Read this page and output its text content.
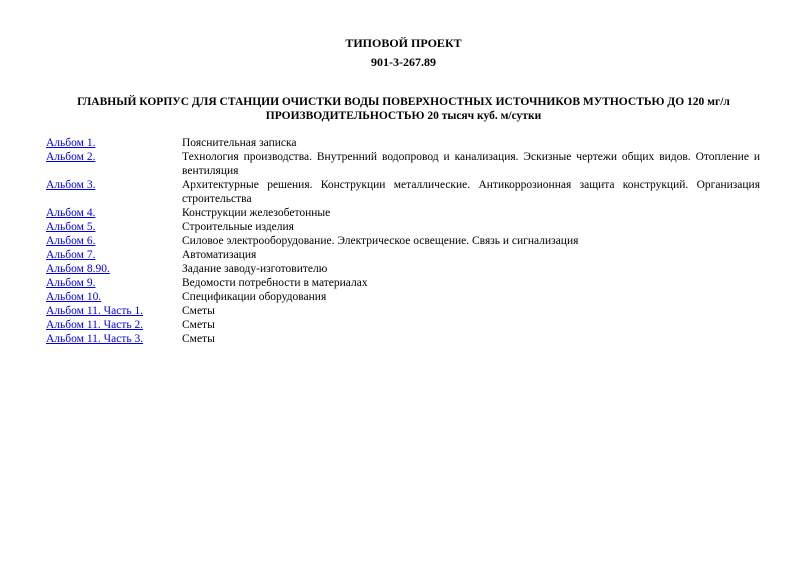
ТИПОВОЙ ПРОЕКТ
901-3-267.89
ГЛАВНЫЙ КОРПУС ДЛЯ СТАНЦИИ ОЧИСТКИ ВОДЫ ПОВЕРХНОСТНЫХ ИСТОЧНИКОВ МУТНОСТЬЮ ДО 120 мг/л
ПРОИЗВОДИТЕЛЬНОСТЬЮ 20 тысяч куб. м/сутки
Альбом 1.	Пояснительная записка
Альбом 2.	Технология производства. Внутренний водопровод и канализация. Эскизные чертежи общих видов. Отопление и вентиляция
Альбом 3.	Архитектурные решения. Конструкции металлические. Антикоррозионная защита конструкций. Организация строительства
Альбом 4.	Конструкции железобетонные
Альбом 5.	Строительные изделия
Альбом 6.	Силовое электрооборудование. Электрическое освещение. Связь и сигнализация
Альбом 7.	Автоматизация
Альбом 8.90.	Задание заводу-изготовителю
Альбом 9.	Ведомости потребности в материалах
Альбом 10.	Спецификации оборудования
Альбом 11. Часть 1.	Сметы
Альбом 11. Часть 2.	Сметы
Альбом 11. Часть 3.	Сметы
